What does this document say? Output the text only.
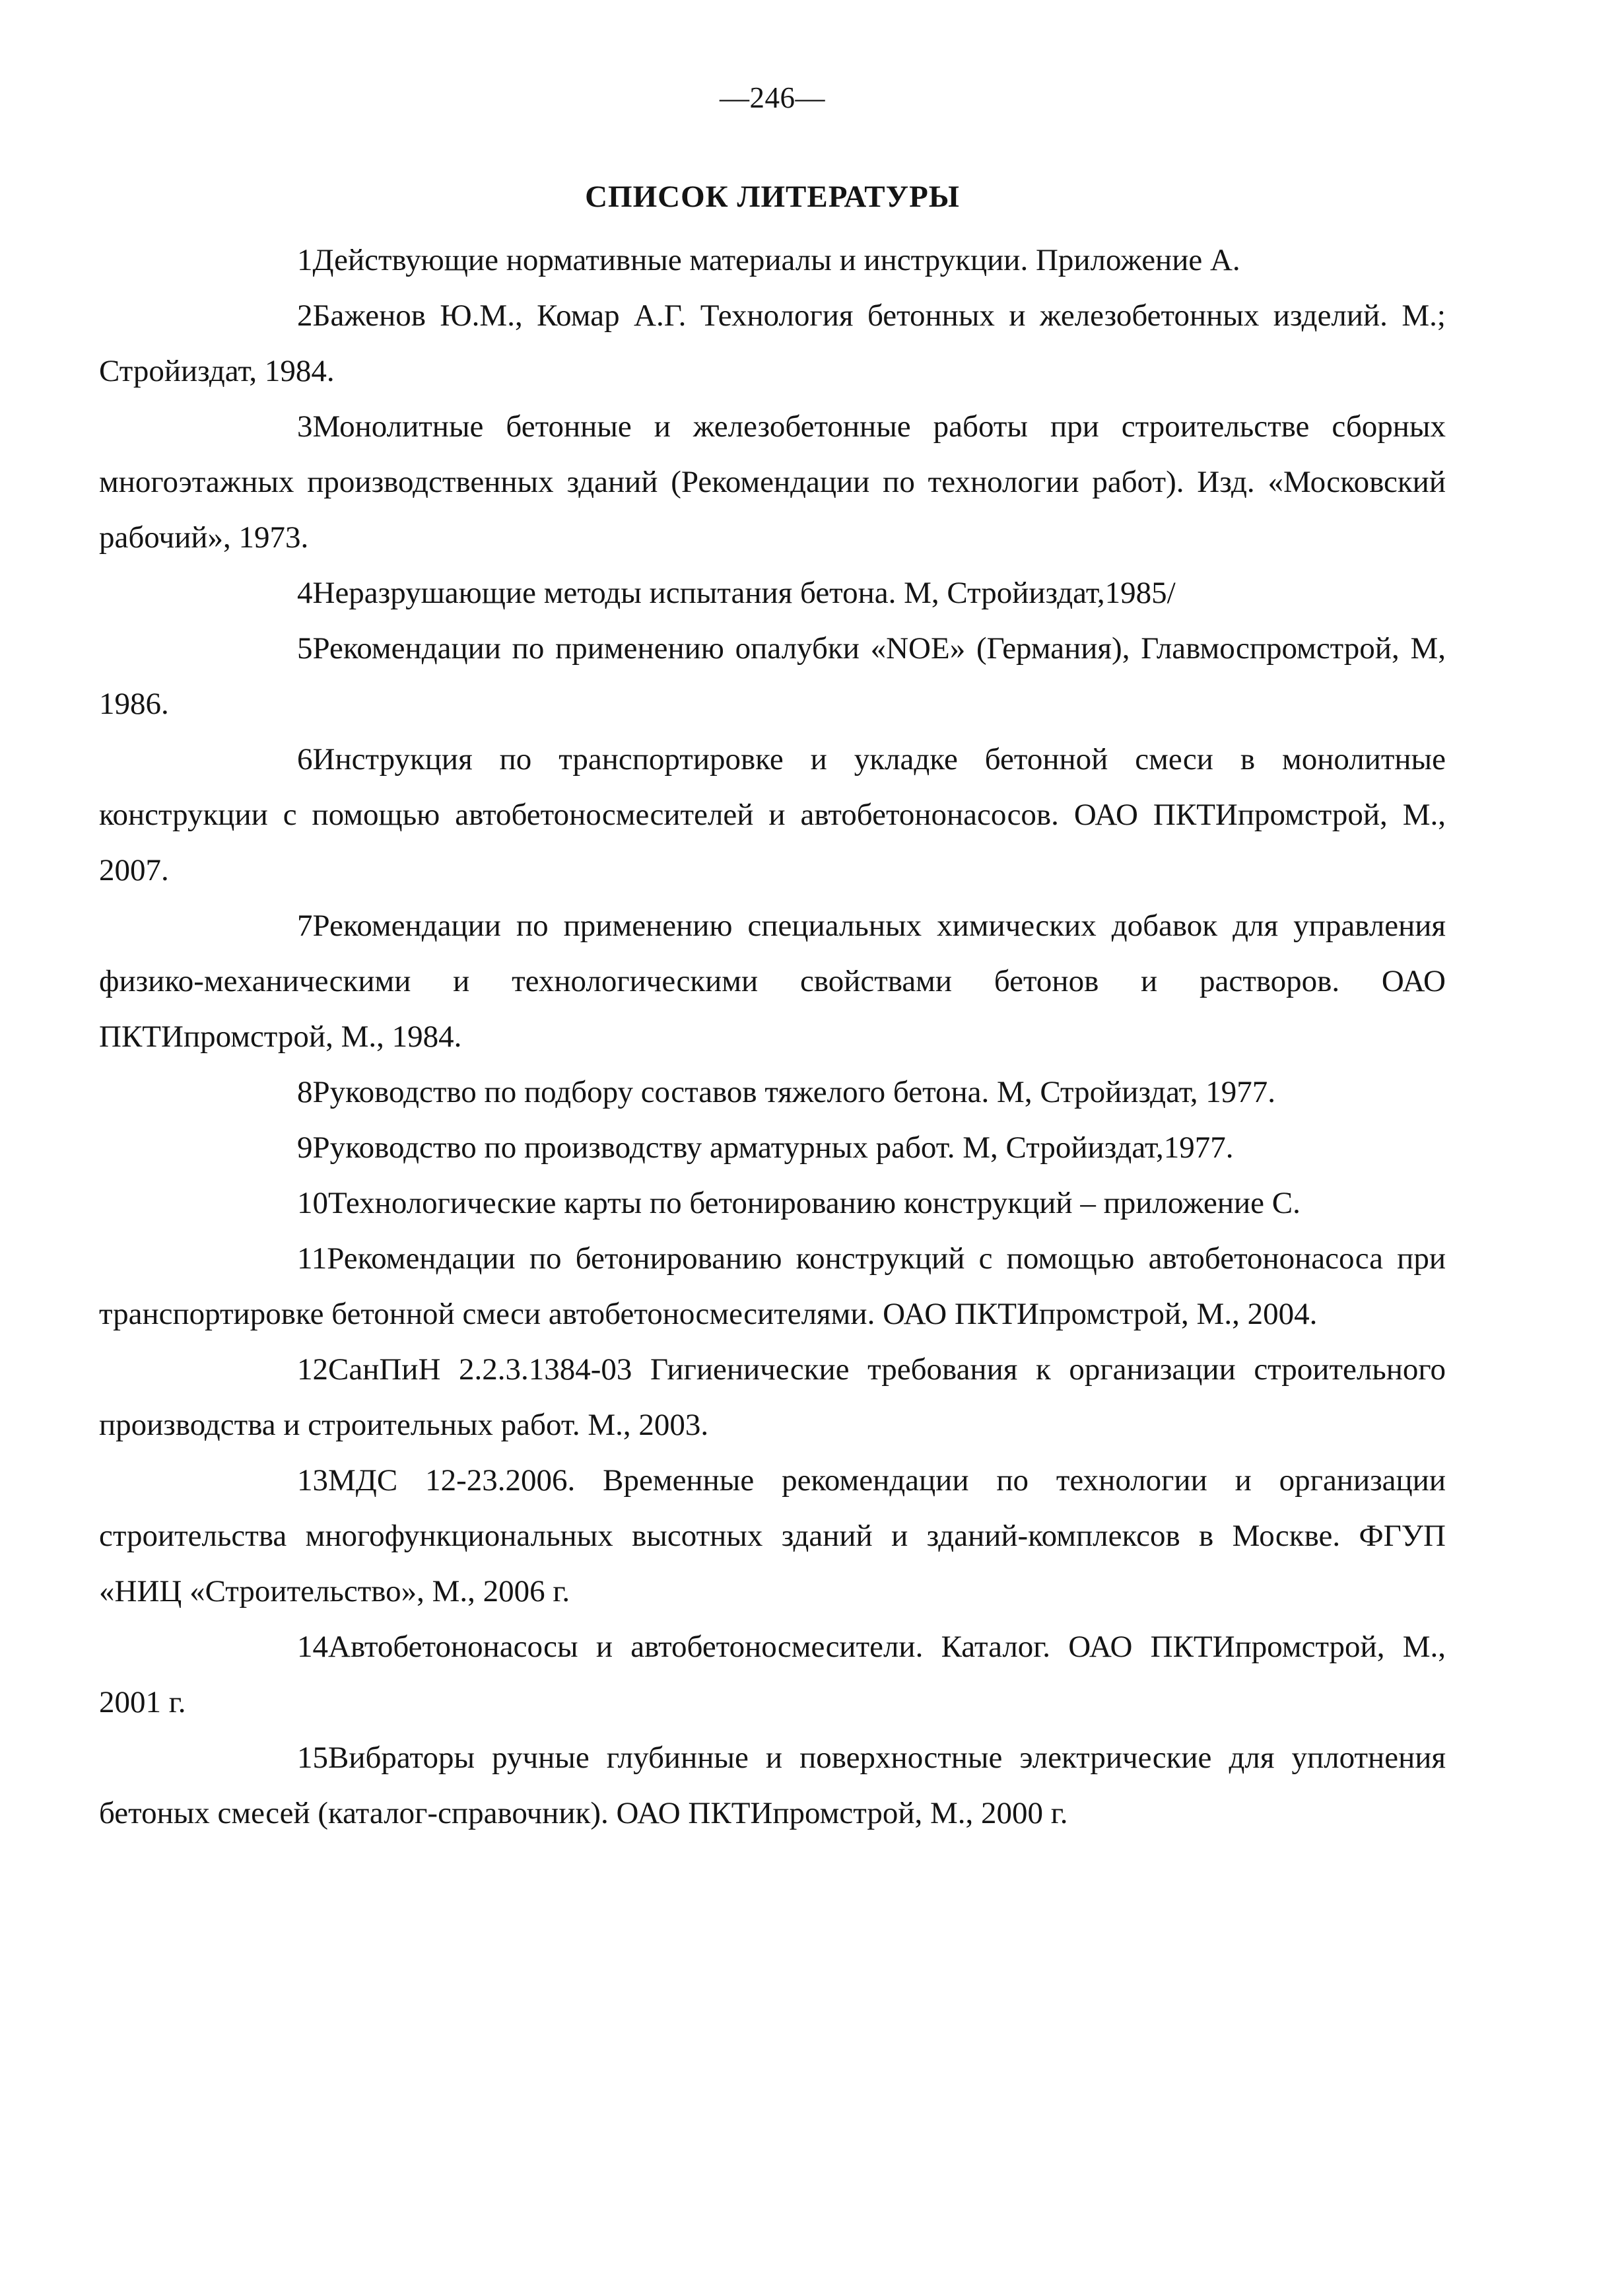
—246—
СПИСОК ЛИТЕРАТУРЫ

1Действующие нормативные материалы и инструкции. Приложение А.

2Баженов Ю.М., Комар А.Г. Технология бетонных и железобетонных изделий. М.; Стройиздат, 1984.

3Монолитные бетонные и железобетонные работы при строительстве сборных многоэтажных производственных зданий (Рекомендации по технологии работ). Изд. «Московский рабочий», 1973.

4Неразрушающие методы испытания бетона. М, Стройиздат,1985/

5Рекомендации по применению опалубки «NOE» (Германия), Главмоспромстрой, М, 1986.

6Инструкция по транспортировке и укладке бетонной смеси в монолитные конструкции с помощью автобетоносмесителей и автобетононасосов. ОАО ПКТИпромстрой, М., 2007.

7Рекомендации по применению специальных химических добавок для управления физико-механическими и технологическими свойствами бетонов и растворов. ОАО ПКТИпромстрой, М., 1984.

8Руководство по подбору составов тяжелого бетона. М, Стройиздат, 1977.

9Руководство по производству арматурных работ. М, Стройиздат,1977.

10Технологические карты по бетонированию конструкций – приложение С.

11Рекомендации по бетонированию конструкций с помощью автобетононасоса при транспортировке бетонной смеси автобетоносмесителями. ОАО ПКТИпромстрой, М., 2004.

12СанПиН 2.2.3.1384-03 Гигиенические требования к организации строительного производства и строительных работ. М., 2003.

13МДС 12-23.2006. Временные рекомендации по технологии и организации строительства многофункциональных высотных зданий и зданий-комплексов в Москве. ФГУП «НИЦ «Строительство», М., 2006 г.

14Автобетононасосы и автобетоносмесители. Каталог. ОАО ПКТИпромстрой, М., 2001 г.

15Вибраторы ручные глубинные и поверхностные электрические для уплотнения бетоных смесей (каталог-справочник). ОАО ПКТИпромстрой, М., 2000 г.
